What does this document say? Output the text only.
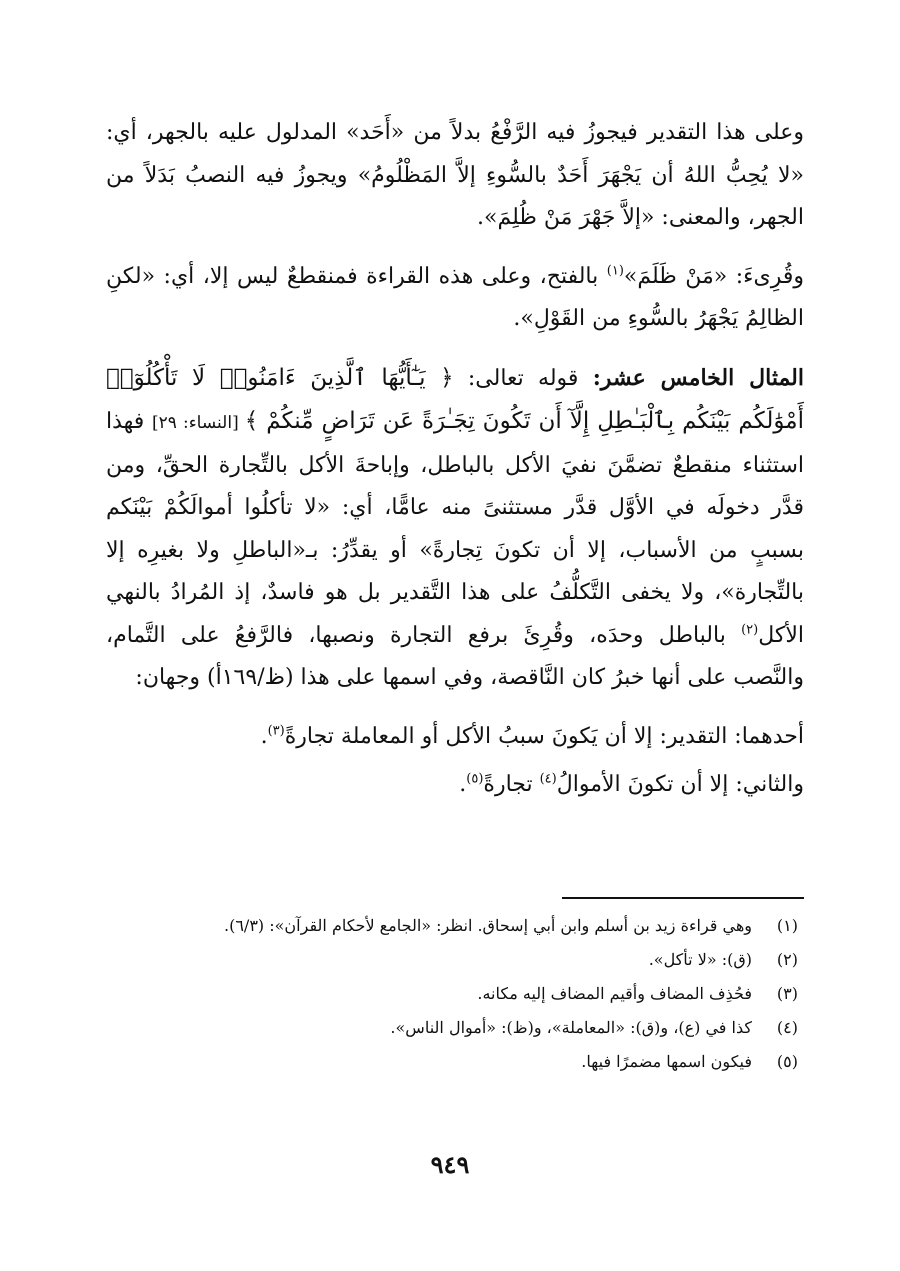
وعلى هذا التقدير فيجوزُ فيه الرَّفْعُ بدلاً من «أَحَد» المدلول عليه بالجهر، أي: «لا يُحِبُّ اللهُ أن يَجْهَرَ أَحَدٌ بالسُّوءِ إلاَّ المَظْلُومُ» ويجوزُ فيه النصبُ بَدَلاً من الجهر، والمعنى: «إلاَّ جَهْرَ مَنْ ظُلِمَ».

وقُرِىءَ: «مَنْ ظَلَمَ»$^{(١)}$ بالفتح، وعلى هذه القراءة فمنقطعٌ ليس إلا، أي: «لكنِ الظالِمُ يَجْهَرُ بالسُّوءِ من القَوْلِ».

المثال الخامس عشر: قوله تعالى: ﴿ يَـٰٓأَيُّهَا ٱلَّذِينَ ءَامَنُوا۟ لَا تَأْكُلُوٓا۟ أَمْوَٰلَكُم بَيْنَكُم بِٱلْبَـٰطِلِ إِلَّآ أَن تَكُونَ تِجَـٰرَةً عَن تَرَاضٍ مِّنكُمْ ﴾ [النساء: ٢٩] فهذا استثناء منقطعٌ تضمَّنَ نفيَ الأكل بالباطل، وإباحةَ الأكل بالتِّجارة الحقِّ، ومن قدَّر دخولَه في الأوَّل قدَّر مستثنىً منه عامًّا، أي: «لا تأكلُوا أموالَكُمْ بَيْنَكم بسببٍ من الأسباب، إلا أن تكونَ تِجارةً» أو يقدِّرُ: بـ«الباطلِ ولا بغيرِه إلا بالتِّجارة»، ولا يخفى التَّكلُّفُ على هذا التَّقدير بل هو فاسدٌ، إذ المُرادُ بالنهي الأكل$^{(٢)}$ بالباطل وحدَه، وقُرِئَ برفع التجارة ونصبها، فالرَّفعُ على التَّمام، والنَّصب على أنها خبرُ كان النَّاقصة، وفي اسمها على هذا (ظ/١٦٩أ) وجهان:

أحدهما: التقدير: إلا أن يَكونَ سببُ الأكل أو المعاملة تجارةً$^{(٣)}$.

والثاني: إلا أن تكونَ الأموالُ$^{(٤)}$ تجارةً$^{(٥)}$.

(١)
وهي قراءة زيد بن أسلم وابن أبي إسحاق. انظر: «الجامع لأحكام القرآن»: (٦/٣).
(٢)
(ق): «لا تأكل».
(٣)
فحُذِف المضاف وأقيم المضاف إليه مكانه.
(٤)
كذا في (ع)، و(ق): «المعاملة»، و(ظ): «أموال الناس».
(٥)
فيكون اسمها مضمرًا فيها.
٩٤٩
